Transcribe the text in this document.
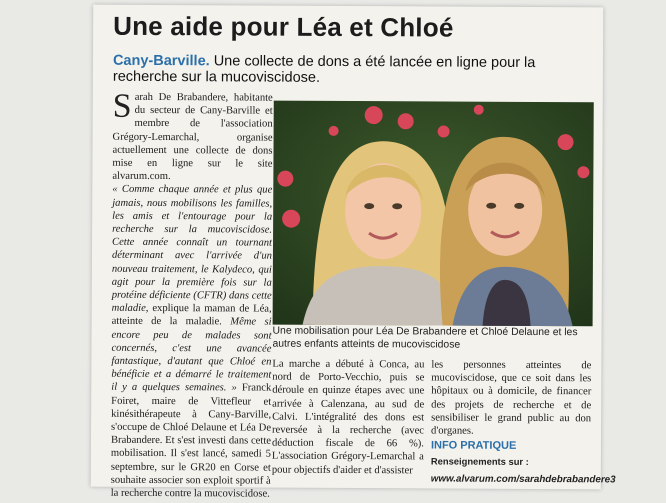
Une aide pour Léa et Chloé
Cany-Barville. Une collecte de dons a été lancée en ligne pour la recherche sur la mucoviscidose.
Sarah De Brabandere, habitante du secteur de Cany-Barville et membre de l'association Grégory-Lemarchal, organise actuellement une collecte de dons mise en ligne sur le site alvarum.com.
« Comme chaque année et plus que jamais, nous mobilisons les familles, les amis et l'entourage pour la recherche sur la mucoviscidose. Cette année connaît un tournant déterminant avec l'arrivée d'un nouveau traitement, le Kalydeco, qui agit pour la première fois sur la protéine déficiente (CFTR) dans cette maladie, explique la maman de Léa, atteinte de la maladie. Même si encore peu de malades sont concernés, c'est une avancée fantastique, d'autant que Chloé en bénéficie et a démarré le traitement il y a quelques semaines. » Franck Foiret, maire de Vittefleur et kinésithérapeute à Cany-Barville, s'occupe de Chloé Delaune et Léa De Brabandere. Et s'est investi dans cette mobilisation. Il s'est lancé, samedi 5 septembre, sur le GR20 en Corse et souhaite associer son exploit sportif à la recherche contre la mucoviscidose.
Une mobilisation pour Léa De Brabandere et Chloé Delaune et les autres enfants atteints de mucoviscidose
La marche a débuté à Conca, au nord de Porto-Vecchio, puis se déroule en quinze étapes avec une arrivée à Calenzana, au sud de Calvi. L'intégralité des dons est reversée à la recherche (avec déduction fiscale de 66 %). L'association Grégory-Lemarchal a pour objectifs d'aider et d'assister

les personnes atteintes de mucoviscidose, que ce soit dans les hôpitaux ou à domicile, de financer des projets de recherche et de sensibiliser le grand public au don d'organes.

INFO PRATIQUE
Renseignements sur :
www.alvarum.com/sarahdebrabandere3
